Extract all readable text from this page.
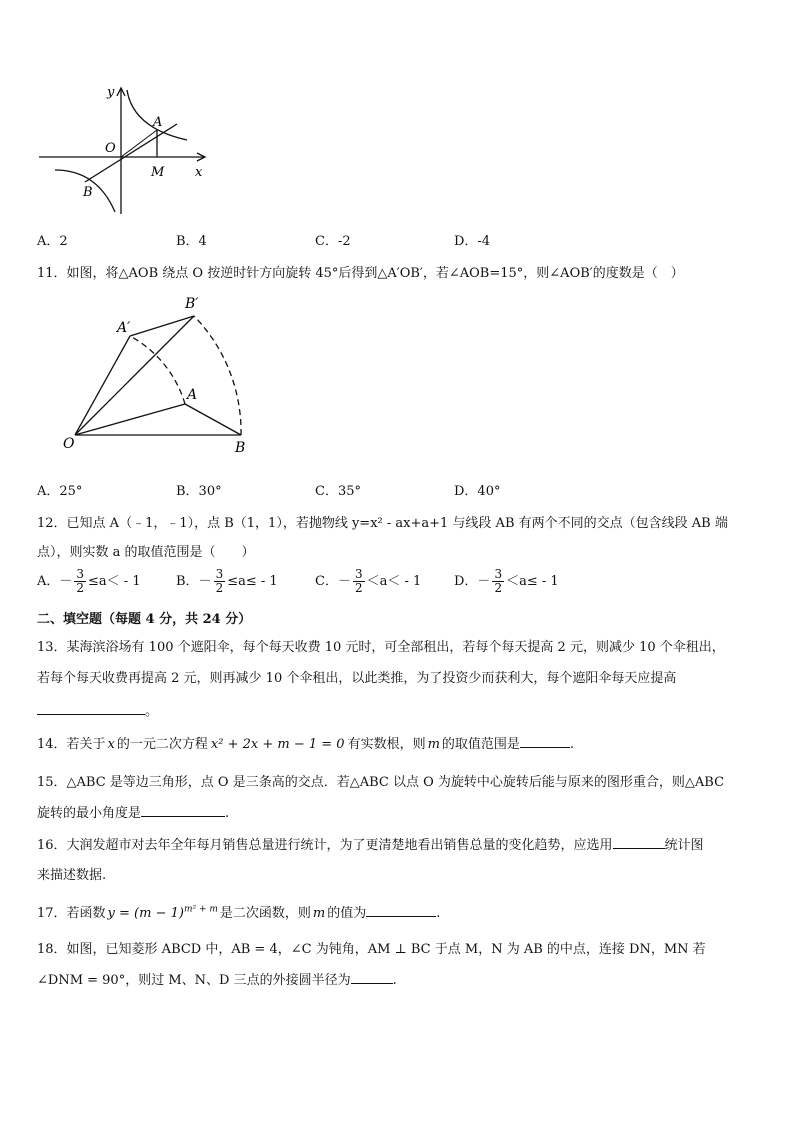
y
x
O
A
B
M
A．2	B．4	C．-2	D．-4
11．如图，将△AOB 绕点 O 按逆时针方向旋转 45°后得到△A′OB′，若∠AOB=15°，则∠AOB′的度数是（　）
A′
B′
A
O	B
A．25°	B．30°	C．35°	D．40°
12．已知点 A（﹣1，﹣1），点 B（1，1），若抛物线 y=x² - ax+a+1 与线段 AB 有两个不同的交点（包含线段 AB 端
点），则实数 a 的取值范围是（　　）
A．－ $\frac{3}{2} \le a< - 1$	B．－ $\frac{3}{2} \le a\le - 1$	C．－ $\frac{3}{2} <a< - 1$	D．－ $\frac{3}{2} <a\le - 1$
二、填空题（每题 4 分，共 24 分）
13．某海滨浴场有 100 个遮阳伞，每个每天收费 10 元时，可全部租出，若每个每天提高 2 元，则减少 10 个伞租出，
若每个每天收费再提高 2 元，则再减少 10 个伞租出，以此类推，为了投资少而获利大，每个遮阳伞每天应提高
。
14．若关于 x 的一元二次方程 x² + 2x + m − 1 = 0 有实数根，则 m 的取值范围是	.
15．△ABC 是等边三角形，点 O 是三条高的交点．若△ABC 以点 O 为旋转中心旋转后能与原来的图形重合，则△ABC
旋转的最小角度是	.
16．大润发超市对去年全年每月销售总量进行统计，为了更清楚地看出销售总量的变化趋势，应选用	统计图
来描述数据.
17．若函数 $y = (m - 1)^{m^2 + m}$ 是二次函数，则 m 的值为	.
18．如图，已知菱形 ABCD 中，AB = 4，∠C 为钝角，AM ⊥ BC 于点 M，N 为 AB 的中点，连接 DN，MN 若
∠DNM = 90°，则过 M、N、D 三点的外接圆半径为	.
